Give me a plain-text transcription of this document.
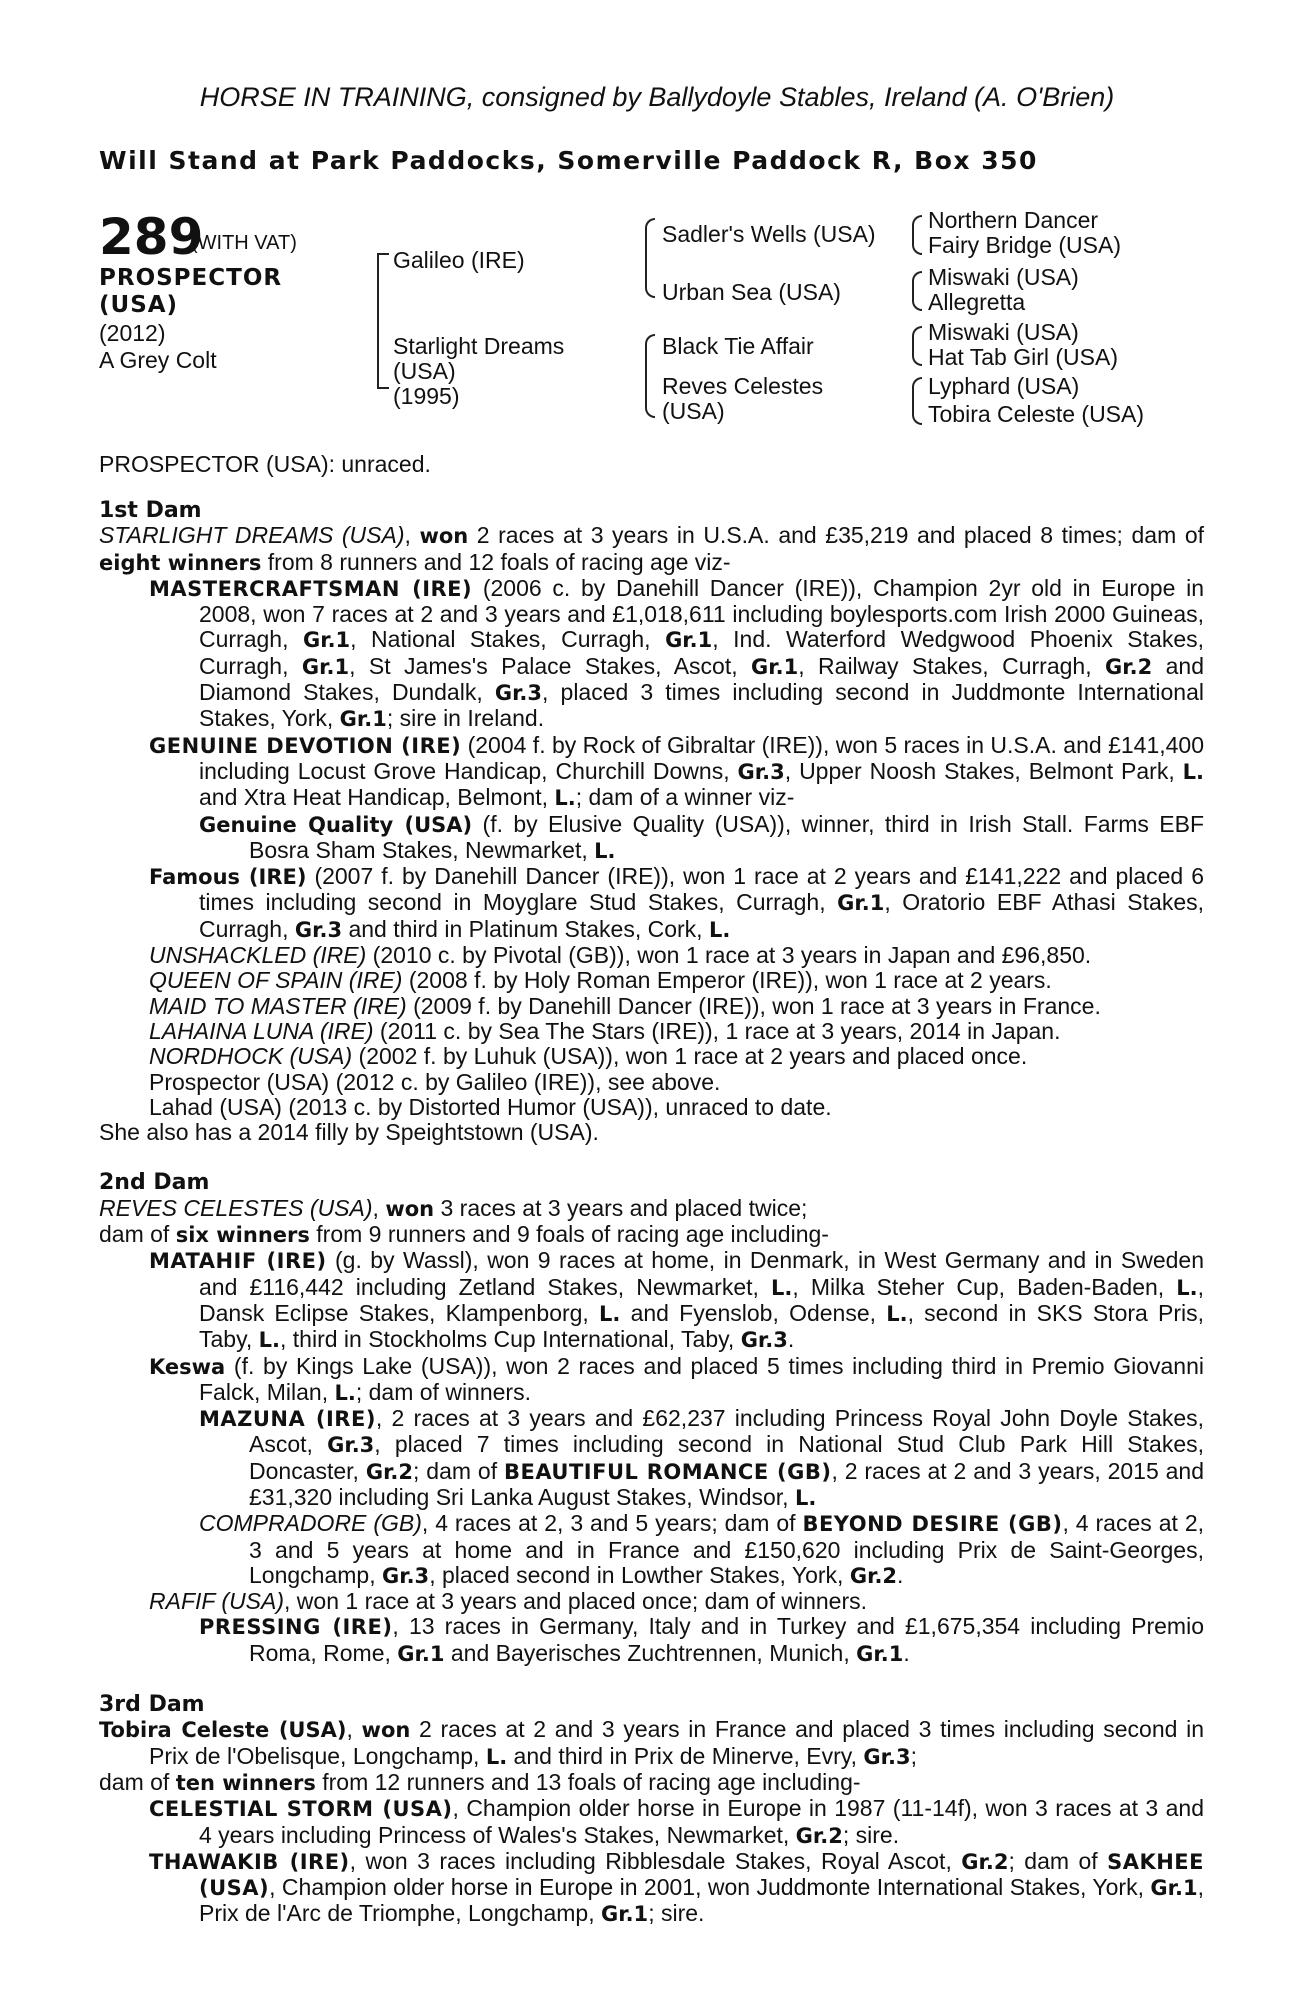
HORSE IN TRAINING, consigned by Ballydoyle Stables, Ireland (A. O'Brien)
Will Stand at Park Paddocks, Somerville Paddock R, Box 350
289
(WITH VAT)
PROSPECTOR
(USA)
(2012)
A Grey Colt
Galileo (IRE)
Starlight Dreams
(USA)
(1995)
Sadler's Wells (USA)
Urban Sea (USA)
Black Tie Affair
Reves Celestes
(USA)
Northern Dancer
Fairy Bridge (USA)
Miswaki (USA)
Allegretta
Miswaki (USA)
Hat Tab Girl (USA)
Lyphard (USA)
Tobira Celeste (USA)
PROSPECTOR (USA): unraced.
1st Dam
STARLIGHT DREAMS (USA), won 2 races at 3 years in U.S.A. and £35,219 and placed 8 times; dam of eight winners from 8 runners and 12 foals of racing age viz-
MASTERCRAFTSMAN (IRE) (2006 c. by Danehill Dancer (IRE)), Champion 2yr old in Europe in 2008, won 7 races at 2 and 3 years and £1,018,611 including boylesports.com Irish 2000 Guineas, Curragh, Gr.1, National Stakes, Curragh, Gr.1, Ind. Waterford Wedgwood Phoenix Stakes, Curragh, Gr.1, St James's Palace Stakes, Ascot, Gr.1, Railway Stakes, Curragh, Gr.2 and Diamond Stakes, Dundalk, Gr.3, placed 3 times including second in Juddmonte International Stakes, York, Gr.1; sire in Ireland.
GENUINE DEVOTION (IRE) (2004 f. by Rock of Gibraltar (IRE)), won 5 races in U.S.A. and £141,400 including Locust Grove Handicap, Churchill Downs, Gr.3, Upper Noosh Stakes, Belmont Park, L. and Xtra Heat Handicap, Belmont, L.; dam of a winner viz-
Genuine Quality (USA) (f. by Elusive Quality (USA)), winner, third in Irish Stall. Farms EBF Bosra Sham Stakes, Newmarket, L.
Famous (IRE) (2007 f. by Danehill Dancer (IRE)), won 1 race at 2 years and £141,222 and placed 6 times including second in Moyglare Stud Stakes, Curragh, Gr.1, Oratorio EBF Athasi Stakes, Curragh, Gr.3 and third in Platinum Stakes, Cork, L.
UNSHACKLED (IRE) (2010 c. by Pivotal (GB)), won 1 race at 3 years in Japan and £96,850.
QUEEN OF SPAIN (IRE) (2008 f. by Holy Roman Emperor (IRE)), won 1 race at 2 years.
MAID TO MASTER (IRE) (2009 f. by Danehill Dancer (IRE)), won 1 race at 3 years in France.
LAHAINA LUNA (IRE) (2011 c. by Sea The Stars (IRE)), 1 race at 3 years, 2014 in Japan.
NORDHOCK (USA) (2002 f. by Luhuk (USA)), won 1 race at 2 years and placed once.
Prospector (USA) (2012 c. by Galileo (IRE)), see above.
Lahad (USA) (2013 c. by Distorted Humor (USA)), unraced to date.
She also has a 2014 filly by Speightstown (USA).
2nd Dam
REVES CELESTES (USA), won 3 races at 3 years and placed twice;
dam of six winners from 9 runners and 9 foals of racing age including-
MATAHIF (IRE) (g. by Wassl), won 9 races at home, in Denmark, in West Germany and in Sweden and £116,442 including Zetland Stakes, Newmarket, L., Milka Steher Cup, Baden-Baden, L., Dansk Eclipse Stakes, Klampenborg, L. and Fyenslob, Odense, L., second in SKS Stora Pris, Taby, L., third in Stockholms Cup International, Taby, Gr.3.
Keswa (f. by Kings Lake (USA)), won 2 races and placed 5 times including third in Premio Giovanni Falck, Milan, L.; dam of winners.
MAZUNA (IRE), 2 races at 3 years and £62,237 including Princess Royal John Doyle Stakes, Ascot, Gr.3, placed 7 times including second in National Stud Club Park Hill Stakes, Doncaster, Gr.2; dam of BEAUTIFUL ROMANCE (GB), 2 races at 2 and 3 years, 2015 and £31,320 including Sri Lanka August Stakes, Windsor, L.
COMPRADORE (GB), 4 races at 2, 3 and 5 years; dam of BEYOND DESIRE (GB), 4 races at 2, 3 and 5 years at home and in France and £150,620 including Prix de Saint-Georges, Longchamp, Gr.3, placed second in Lowther Stakes, York, Gr.2.
RAFIF (USA), won 1 race at 3 years and placed once; dam of winners.
PRESSING (IRE), 13 races in Germany, Italy and in Turkey and £1,675,354 including Premio Roma, Rome, Gr.1 and Bayerisches Zuchtrennen, Munich, Gr.1.
3rd Dam
Tobira Celeste (USA), won 2 races at 2 and 3 years in France and placed 3 times including second in Prix de l'Obelisque, Longchamp, L. and third in Prix de Minerve, Evry, Gr.3;
dam of ten winners from 12 runners and 13 foals of racing age including-
CELESTIAL STORM (USA), Champion older horse in Europe in 1987 (11-14f), won 3 races at 3 and 4 years including Princess of Wales's Stakes, Newmarket, Gr.2; sire.
THAWAKIB (IRE), won 3 races including Ribblesdale Stakes, Royal Ascot, Gr.2; dam of SAKHEE (USA), Champion older horse in Europe in 2001, won Juddmonte International Stakes, York, Gr.1, Prix de l'Arc de Triomphe, Longchamp, Gr.1; sire.
